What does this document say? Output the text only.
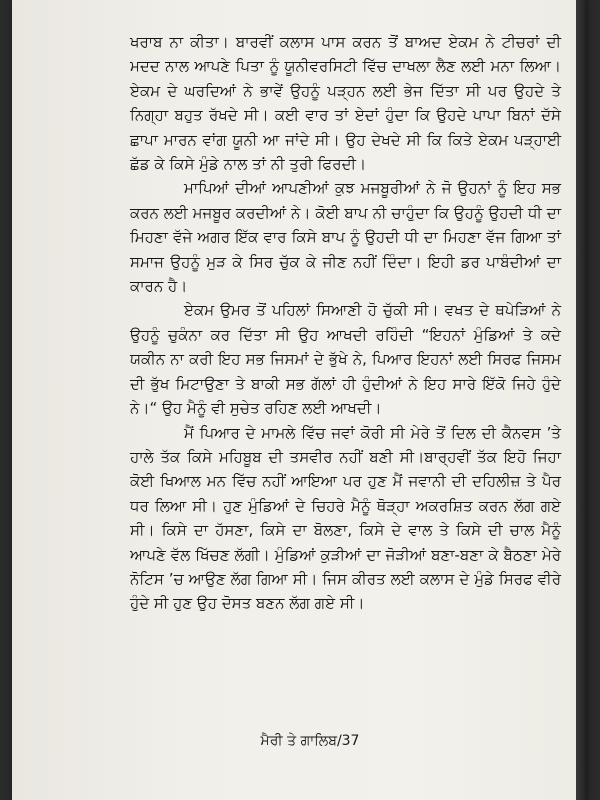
ਖਰਾਬ ਨਾ ਕੀਤਾ। ਬਾਰਵੀਂ ਕਲਾਸ ਪਾਸ ਕਰਨ ਤੋਂ ਬਾਅਦ ਏਕਮ ਨੇ ਟੀਚਰਾਂ ਦੀ ਮਦਦ ਨਾਲ ਆਪਣੇ ਪਿਤਾ ਨੂੰ ਯੂਨੀਵਰਸਿਟੀ ਵਿੱਚ ਦਾਖਲਾ ਲੈਣ ਲਈ ਮਨਾ ਲਿਆ। ਏਕਮ ਦੇ ਘਰਦਿਆਂ ਨੇ ਭਾਵੇਂ ਉਹਨੂੰ ਪੜ੍ਹਨ ਲਈ ਭੇਜ ਦਿੱਤਾ ਸੀ ਪਰ ਉਹਦੇ ਤੇ ਨਿਗ੍ਹਾ ਬਹੁਤ ਰੱਖਦੇ ਸੀ। ਕਈ ਵਾਰ ਤਾਂ ਏਦਾਂ ਹੁੰਦਾ ਕਿ ਉਹਦੇ ਪਾਪਾ ਬਿਨਾਂ ਦੱਸੇ ਛਾਪਾ ਮਾਰਨ ਵਾਂਗ ਯੂਨੀ ਆ ਜਾਂਦੇ ਸੀ। ਉਹ ਦੇਖਦੇ ਸੀ ਕਿ ਕਿਤੇ ਏਕਮ ਪੜ੍ਹਾਈ ਛੱਡ ਕੇ ਕਿਸੇ ਮੁੰਡੇ ਨਾਲ ਤਾਂ ਨੀ ਤੁਰੀ ਫਿਰਦੀ।

ਮਾਪਿਆਂ ਦੀਆਂ ਆਪਣੀਆਂ ਕੁਝ ਮਜਬੂਰੀਆਂ ਨੇ ਜੋ ਉਹਨਾਂ ਨੂੰ ਇਹ ਸਭ ਕਰਨ ਲਈ ਮਜਬੂਰ ਕਰਦੀਆਂ ਨੇ। ਕੋਈ ਬਾਪ ਨੀ ਚਾਹੁੰਦਾ ਕਿ ਉਹਨੂੰ ਉਹਦੀ ਧੀ ਦਾ ਮਿਹਣਾ ਵੱਜੇ ਅਗਰ ਇੱਕ ਵਾਰ ਕਿਸੇ ਬਾਪ ਨੂੰ ਉਹਦੀ ਧੀ ਦਾ ਮਿਹਣਾ ਵੱਜ ਗਿਆ ਤਾਂ ਸਮਾਜ ਉਹਨੂੰ ਮੁੜ ਕੇ ਸਿਰ ਚੁੱਕ ਕੇ ਜੀਣ ਨਹੀਂ ਦਿੰਦਾ। ਇਹੀ ਡਰ ਪਾਬੰਦੀਆਂ ਦਾ ਕਾਰਨ ਹੈ।

ਏਕਮ ਉਮਰ ਤੋਂ ਪਹਿਲਾਂ ਸਿਆਣੀ ਹੋ ਚੁੱਕੀ ਸੀ। ਵਖਤ ਦੇ ਥਪੇੜਿਆਂ ਨੇ ਉਹਨੂੰ ਚੁਕੰਨਾ ਕਰ ਦਿੱਤਾ ਸੀ ਉਹ ਆਖਦੀ ਰਹਿੰਦੀ “ਇਹਨਾਂ ਮੁੰਡਿਆਂ ਤੇ ਕਦੇ ਯਕੀਨ ਨਾ ਕਰੀ ਇਹ ਸਭ ਜਿਸਮਾਂ ਦੇ ਭੁੱਖੇ ਨੇ, ਪਿਆਰ ਇਹਨਾਂ ਲਈ ਸਿਰਫ ਜਿਸਮ ਦੀ ਭੁੱਖ ਮਿਟਾਉਣਾ ਤੇ ਬਾਕੀ ਸਭ ਗੱਲਾਂ ਹੀ ਹੁੰਦੀਆਂ ਨੇ ਇਹ ਸਾਰੇ ਇੱਕੋ ਜਿਹੇ ਹੁੰਦੇ ਨੇ।“ ਉਹ ਮੈਨੂੰ ਵੀ ਸੁਚੇਤ ਰਹਿਣ ਲਈ ਆਖਦੀ।

ਮੈਂ ਪਿਆਰ ਦੇ ਮਾਮਲੇ ਵਿੱਚ ਜਵਾਂ ਕੋਰੀ ਸੀ ਮੇਰੇ ਤੋਂ ਦਿਲ ਦੀ ਕੈਨਵਸ ’ਤੇ ਹਾਲੇ ਤੱਕ ਕਿਸੇ ਮਹਿਬੂਬ ਦੀ ਤਸਵੀਰ ਨਹੀਂ ਬਣੀ ਸੀ।ਬਾਰ੍ਹਵੀਂ ਤੱਕ ਇਹੋ ਜਿਹਾ ਕੋਈ ਖਿਆਲ ਮਨ ਵਿੱਚ ਨਹੀਂ ਆਇਆ ਪਰ ਹੁਣ ਮੈਂ ਜਵਾਨੀ ਦੀ ਦਹਿਲੀਜ਼ ਤੇ ਪੈਰ ਧਰ ਲਿਆ ਸੀ। ਹੁਣ ਮੁੰਡਿਆਂ ਦੇ ਚਿਹਰੇ ਮੈਨੂੰ ਥੋੜ੍ਹਾ ਅਕਰਸ਼ਿਤ ਕਰਨ ਲੱਗ ਗਏ ਸੀ। ਕਿਸੇ ਦਾ ਹੱਸਣਾ, ਕਿਸੇ ਦਾ ਬੋਲਣਾ, ਕਿਸੇ ਦੇ ਵਾਲ ਤੇ ਕਿਸੇ ਦੀ ਚਾਲ ਮੈਨੂੰ ਆਪਣੇ ਵੱਲ ਖਿੱਚਣ ਲੱਗੀ। ਮੁੰਡਿਆਂ ਕੁੜੀਆਂ ਦਾ ਜੋੜੀਆਂ ਬਣਾ-ਬਣਾ ਕੇ ਬੈਠਣਾ ਮੇਰੇ ਨੋਟਿਸ ’ਚ ਆਉਣ ਲੱਗ ਗਿਆ ਸੀ। ਜਿਸ ਕੀਰਤ ਲਈ ਕਲਾਸ ਦੇ ਮੁੰਡੇ ਸਿਰਫ ਵੀਰੇ ਹੁੰਦੇ ਸੀ ਹੁਣ ਉਹ ਦੋਸਤ ਬਣਨ ਲੱਗ ਗਏ ਸੀ।

ਮੈਰੀ ਤੇ ਗਾਲਿਬ/37
